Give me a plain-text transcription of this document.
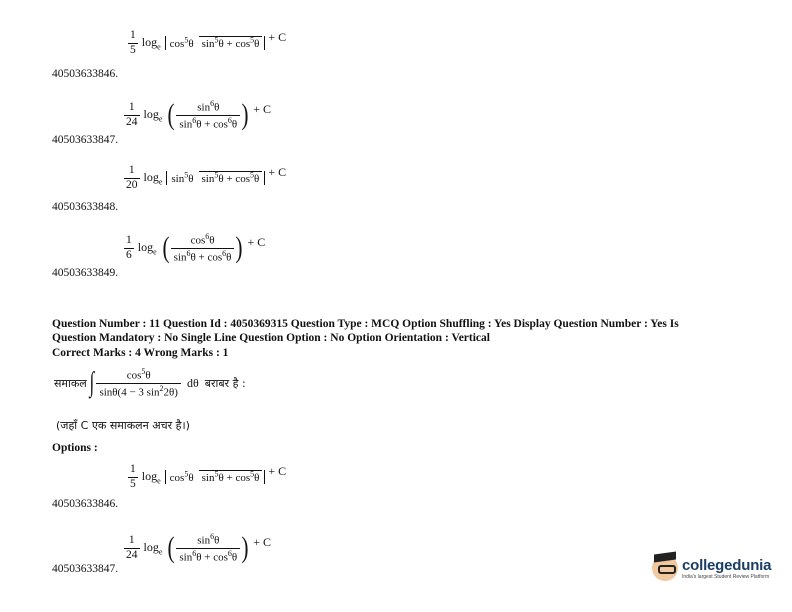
$\frac{1}{5} \log_e \cos^5\theta$ $\sin^5\theta + \cos^5\theta$
+ C
40503633846.
$\frac{1}{24} \log_e$ ( $\frac{\sin^6\theta}{\sin^6\theta + \cos^6\theta}$ ) + C
40503633847.
$\frac{1}{20} \log_e \sin^5\theta$ $\sin^5\theta + \cos^5\theta$
+ C
40503633848.
$\frac{1}{6} \log_e$ ( $\frac{\cos^6\theta}{\sin^6\theta + \cos^6\theta}$ ) + C
40503633849.
Question Number : 11 Question Id : 4050369315 Question Type : MCQ Option Shuffling : Yes Display Question Number : Yes Is
Question Mandatory : No Single Line Question Option : No Option Orientation : Vertical
Correct Marks : 4 Wrong Marks : 1
समाकल ∫ $\frac{\cos^5\theta}{\sin\theta(4 - 3 \sin^22\theta)}$ dθ बराबर है :
(जहाँ C एक समाकलन अचर है।)
Options :
$\frac{1}{5} \log_e \cos^5\theta$ $\sin^5\theta + \cos^5\theta$
+ C
40503633846.
$\frac{1}{24} \log_e$ ( $\frac{\sin^6\theta}{\sin^6\theta + \cos^6\theta}$ ) + C
40503633847.	collegedunia
India's largest Student Review Platform
